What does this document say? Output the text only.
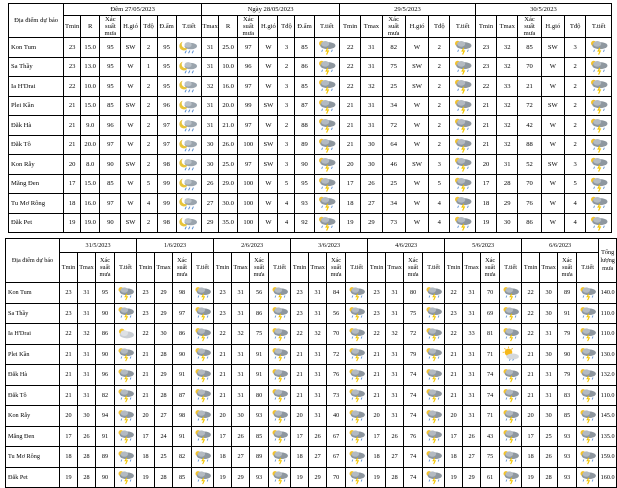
Địa điểm dự báo	Đêm 27/05/2023							Ngày 28/05/2023							29/5/2023						30/5/2023					
	Tmin	R	Xác suất mưa	H.gió	Tđộ	Đ.ẩm	T.tiết	Tmax	R	Xác suất mưa	H.gió	Tđộ	Đ.ẩm	T.tiết	Tmin	Tmax	Xác suất mưa	H.gió	Tđộ	T.tiết	Tmin	Tmax	Xác suất mưa	H.gió	Tđộ	T.tiết
Kon Tum	23	15.0	95	SW	2	95		31	25.0	97	W	3	85		22	31	82	W	2		23	32	85	SW	3	

Sa Thầy	23	13.0	95	W	1	95		31	10.0	96	W	2	86		22	31	75	SW	2		23	32	70	W	2	

Ia H'Drai	22	10.0	95	W	2	95		32	16.0	97	W	3	85		22	32	25	SW	2		22	33	21	W	2	

Plei Kần	21	15.0	85	SW	2	96		31	20.0	99	SW	3	87		21	31	34	W	2		21	32	72	SW	2	

Đăk Hà	21	9.0	96	W	2	97		31	21.0	97	W	2	88		21	31	72	W	2		21	32	42	W	2	

Đăk Tô	21	20.0	97	W	2	97		30	26.0	100	SW	3	89		21	30	64	W	2		21	32	88	W	2	

Kon Rẫy	20	8.0	90	SW	2	98		30	25.0	97	SW	3	90		20	30	46	SW	3		20	31	52	SW	3	

Măng Đen	17	15.0	85	W	5	99		26	29.0	100	W	5	95		17	26	25	W	5		17	28	70	W	5	

Tu Mơ Rông	18	16.0	97	W	4	99		27	30.0	100	W	4	93		18	27	34	W	4		18	29	76	W	4	

Đăk Pet	19	19.0	90	SW	2	98		29	35.0	100	W	4	92		19	29	73	W	4		19	30	86	W	4	
Địa điểm dự báo	31/5/2023				1/6/2023				2/6/2023				3/6/2023				4/6/2023				5/6/2023				6/6/2023				Tổng lượng mưa
	Tmin	Tmax	Xác suất mưa	T.tiết	Tmin	Tmax	Xác suất mưa	T.tiết	Tmin	Tmax	Xác suất mưa	T.tiết	Tmin	Tmax	Xác suất mưa	T.tiết	Tmin	Tmax	Xác suất mưa	T.tiết	Tmin	Tmax	Xác suất mưa	T.tiết	Tmin	Tmax	Xác suất mưa	T.tiết	
Kon Tum	23	31	95		23	29	98		23	31	56		23	31	84		23	31	80		22	31	70		22	30	89		140.0
Sa Thầy	23	31	90		23	29	97		23	31	86		23	31	56		23	31	75		23	31	69		22	30	91		110.0
Ia H'Drai	22	32	86		22	30	86		22	32	75		22	32	70		22	32	72		22	33	81		22	31	79		110.0
Plei Kần	21	31	90		21	28	90		21	31	91		21	31	72		21	31	79		21	31	71		21	30	90		130.0
Đăk Hà	21	31	96		21	29	91		21	31	91		21	31	76		21	31	74		21	31	74		21	31	79		132.0
Đăk Tô	21	31	82		21	28	87		21	31	80		21	31	73		21	31	74		21	31	74		21	31	83		110.0
Kon Rẫy	20	30	94		20	27	98		20	30	93		20	31	40		20	31	74		20	31	71		20	30	85		145.0
Măng Đen	17	26	91		17	24	91		17	26	85		17	26	67		17	26	76		17	26	43		17	25	93		135.0
Tu Mơ Rông	18	28	89		18	25	82		18	27	89		18	27	67		18	27	74		18	27	75		18	26	93		159.0
Đăk Pet	19	28	90		19	28	85		19	29	93		19	29	70		19	28	74		19	29	61		19	28	93		160.0
